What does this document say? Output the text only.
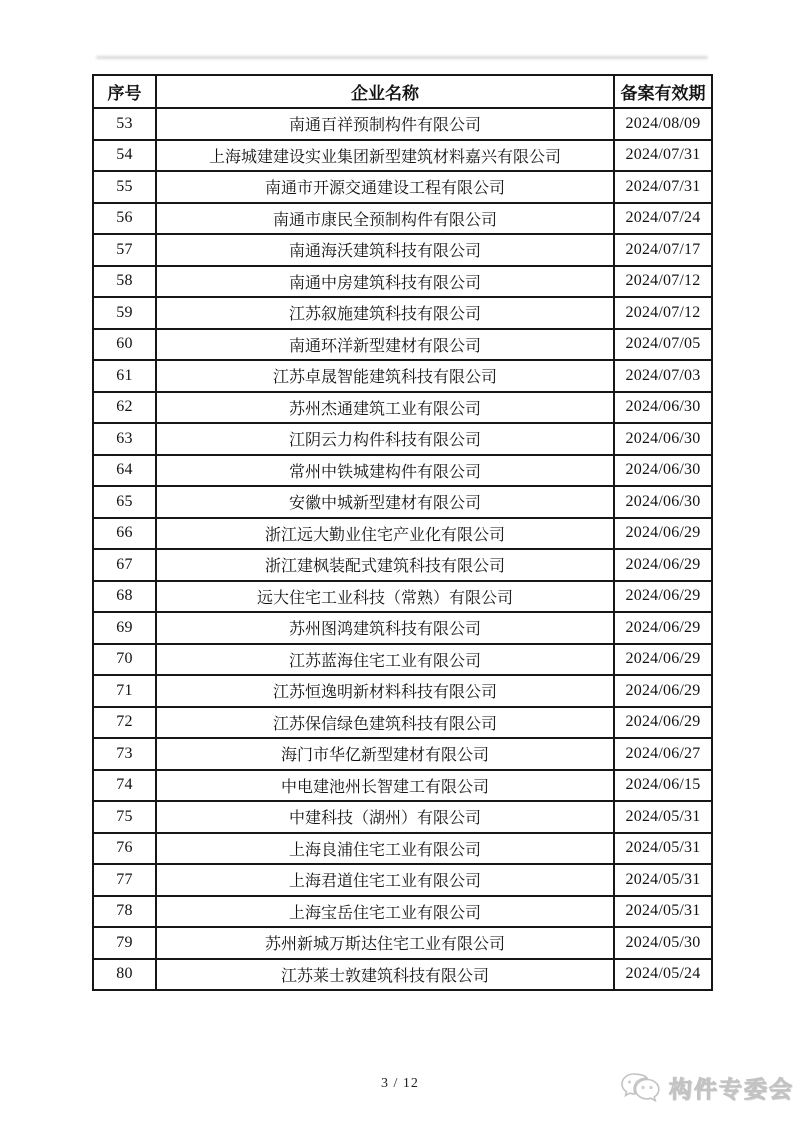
序号	企业名称	备案有效期
53	南通百祥预制构件有限公司	2024/08/09
54	上海城建建设实业集团新型建筑材料嘉兴有限公司	2024/07/31
55	南通市开源交通建设工程有限公司	2024/07/31
56	南通市康民全预制构件有限公司	2024/07/24
57	南通海沃建筑科技有限公司	2024/07/17
58	南通中房建筑科技有限公司	2024/07/12
59	江苏叙施建筑科技有限公司	2024/07/12
60	南通环洋新型建材有限公司	2024/07/05
61	江苏卓晟智能建筑科技有限公司	2024/07/03
62	苏州杰通建筑工业有限公司	2024/06/30
63	江阴云力构件科技有限公司	2024/06/30
64	常州中铁城建构件有限公司	2024/06/30
65	安徽中城新型建材有限公司	2024/06/30
66	浙江远大勤业住宅产业化有限公司	2024/06/29
67	浙江建枫装配式建筑科技有限公司	2024/06/29
68	远大住宅工业科技（常熟）有限公司	2024/06/29
69	苏州图鸿建筑科技有限公司	2024/06/29
70	江苏蓝海住宅工业有限公司	2024/06/29
71	江苏恒逸明新材料科技有限公司	2024/06/29
72	江苏保信绿色建筑科技有限公司	2024/06/29
73	海门市华亿新型建材有限公司	2024/06/27
74	中电建池州长智建工有限公司	2024/06/15
75	中建科技（湖州）有限公司	2024/05/31
76	上海良浦住宅工业有限公司	2024/05/31
77	上海君道住宅工业有限公司	2024/05/31
78	上海宝岳住宅工业有限公司	2024/05/31
79	苏州新城万斯达住宅工业有限公司	2024/05/30
80	江苏莱士敦建筑科技有限公司	2024/05/24
3 / 12	构件专委会
